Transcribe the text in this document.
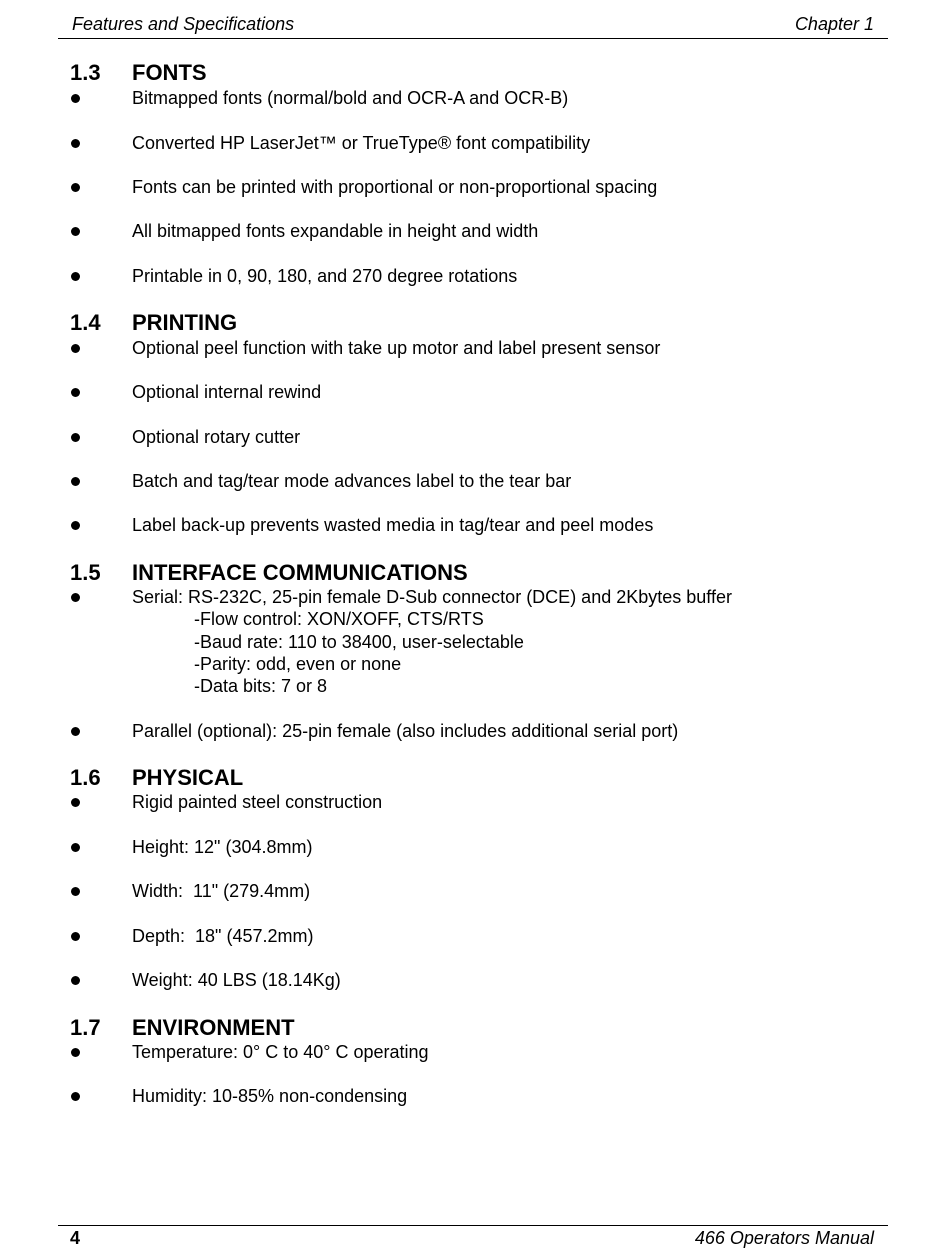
Features and Specifications	Chapter 1
1.3 FONTS
Bitmapped fonts (normal/bold and OCR-A and OCR-B)
Converted HP LaserJet™ or TrueType® font compatibility
Fonts can be printed with proportional or non-proportional spacing
All bitmapped fonts expandable in height and width
Printable in 0, 90, 180, and 270 degree rotations
1.4 PRINTING
Optional peel function with take up motor and label present sensor
Optional internal rewind
Optional rotary cutter
Batch and tag/tear mode advances label to the tear bar
Label back-up prevents wasted media in tag/tear and peel modes
1.5 INTERFACE COMMUNICATIONS
Serial: RS-232C, 25-pin female D-Sub connector (DCE) and 2Kbytes buffer
-Flow control: XON/XOFF, CTS/RTS
-Baud rate: 110 to 38400, user-selectable
-Parity: odd, even or none
-Data bits: 7 or 8
Parallel (optional): 25-pin female (also includes additional serial port)
1.6 PHYSICAL
Rigid painted steel construction
Height: 12" (304.8mm)
Width:  11" (279.4mm)
Depth:  18" (457.2mm)
Weight: 40 LBS (18.14Kg)
1.7 ENVIRONMENT
Temperature: 0° C to 40° C operating
Humidity: 10-85% non-condensing
4	466 Operators Manual
